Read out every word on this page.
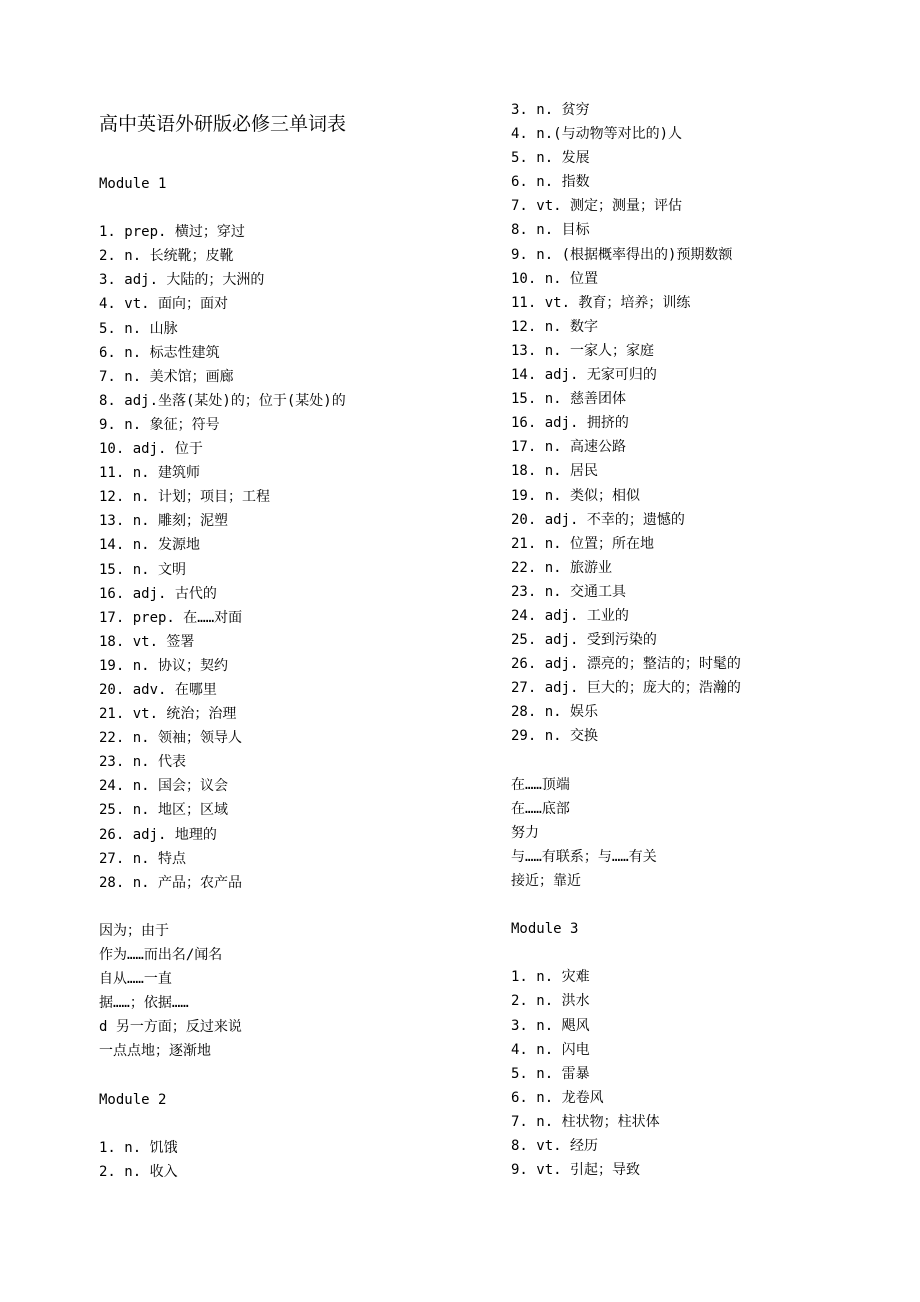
高中英语外研版必修三单词表
Module 1
1. prep. 横过；穿过
2. n. 长统靴；皮靴
3. adj. 大陆的；大洲的
4. vt. 面向；面对
5. n. 山脉
6. n. 标志性建筑
7. n. 美术馆；画廊
8. adj.坐落(某处)的；位于(某处)的
9. n. 象征；符号
10. adj. 位于
11. n. 建筑师
12. n. 计划；项目；工程
13. n. 雕刻；泥塑
14. n. 发源地
15. n. 文明
16. adj. 古代的
17. prep. 在……对面
18. vt. 签署
19. n. 协议；契约
20. adv. 在哪里
21. vt. 统治；治理
22. n. 领袖；领导人
23. n. 代表
24. n. 国会；议会
25. n. 地区；区域
26. adj. 地理的
27. n. 特点
28. n. 产品；农产品
因为；由于
作为……而出名/闻名
自从……一直
据……；依据……
d 另一方面；反过来说
一点点地；逐渐地
Module 2
1. n. 饥饿
2. n. 收入
3. n. 贫穷
4. n.(与动物等对比的)人
5. n. 发展
6. n. 指数
7. vt. 测定；测量；评估
8. n. 目标
9. n. (根据概率得出的)预期数额
10. n. 位置
11. vt. 教育；培养；训练
12. n. 数字
13. n. 一家人；家庭
14. adj. 无家可归的
15. n. 慈善团体
16. adj. 拥挤的
17. n. 高速公路
18. n. 居民
19. n. 类似；相似
20. adj. 不幸的；遗憾的
21. n. 位置；所在地
22. n. 旅游业
23. n. 交通工具
24. adj. 工业的
25. adj. 受到污染的
26. adj. 漂亮的；整洁的；时髦的
27. adj. 巨大的；庞大的；浩瀚的
28. n. 娱乐
29. n. 交换
在……顶端
在……底部
努力
与……有联系；与……有关
接近；靠近
Module 3
1. n. 灾难
2. n. 洪水
3. n. 飓风
4. n. 闪电
5. n. 雷暴
6. n. 龙卷风
7. n. 柱状物；柱状体
8. vt. 经历
9. vt. 引起；导致
